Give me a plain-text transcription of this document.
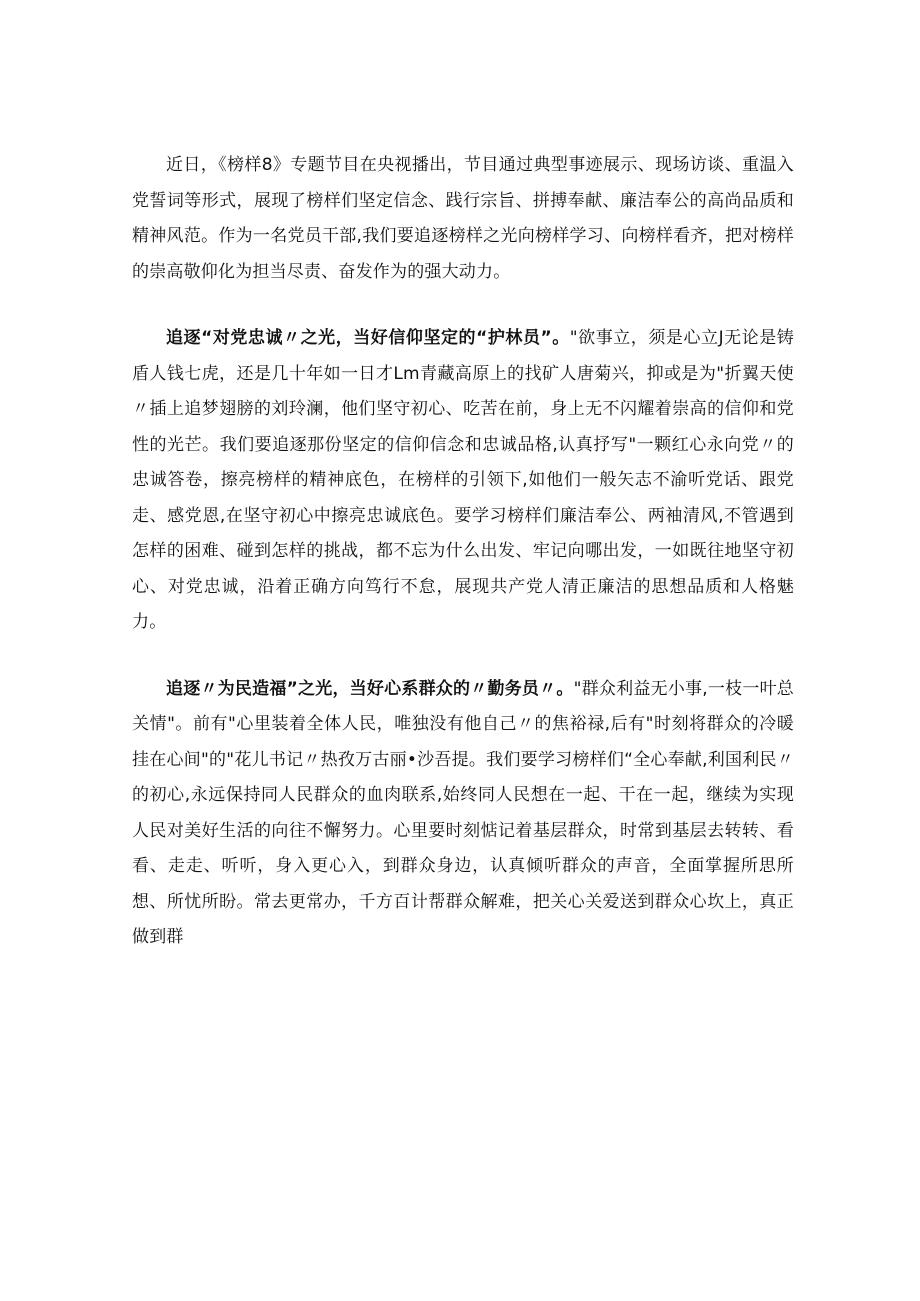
近日，《榜样8》专题节目在央视播出，节目通过典型事迹展示、现场访谈、重温入党誓词等形式，展现了榜样们坚定信念、践行宗旨、拼搏奉献、廉洁奉公的高尚品质和精神风范。作为一名党员干部,我们要追逐榜样之光向榜样学习、向榜样看齐，把对榜样的崇高敬仰化为担当尽责、奋发作为的强大动力。

追逐“对党忠诚〃之光，当好信仰坚定的“护林员”。"欲事立，须是心立J无论是铸盾人钱七虎，还是几十年如一日才Lm青藏高原上的找矿人唐菊兴，抑或是为"折翼天使〃插上追梦翅膀的刘玲澜，他们坚守初心、吃苦在前，身上无不闪耀着崇高的信仰和党性的光芒。我们要追逐那份坚定的信仰信念和忠诚品格,认真抒写"一颗红心永向党〃的忠诚答卷，擦亮榜样的精神底色，在榜样的引领下,如他们一般矢志不渝听党话、跟党走、感党恩,在坚守初心中擦亮忠诚底色。要学习榜样们廉洁奉公、两袖清风,不管遇到怎样的困难、碰到怎样的挑战，都不忘为什么出发、牢记向哪出发，一如既往地坚守初心、对党忠诚，沿着正确方向笃行不怠，展现共产党人清正廉洁的思想品质和人格魅力。

追逐〃为民造福”之光，当好心系群众的〃勤务员〃。"群众利益无小事,一枝一叶总关情"。前有"心里装着全体人民，唯独没有他自己〃的焦裕禄,后有"时刻将群众的冷暖挂在心间"的"花儿书记〃热孜万古丽•沙吾提。我们要学习榜样们“全心奉献,利国利民〃的初心,永远保持同人民群众的血肉联系,始终同人民想在一起、干在一起，继续为实现人民对美好生活的向往不懈努力。心里要时刻惦记着基层群众，时常到基层去转转、看看、走走、听听，身入更心入，到群众身边，认真倾听群众的声音，全面掌握所思所想、所忧所盼。常去更常办，千方百计帮群众解难，把关心关爱送到群众心坎上，真正做到群
